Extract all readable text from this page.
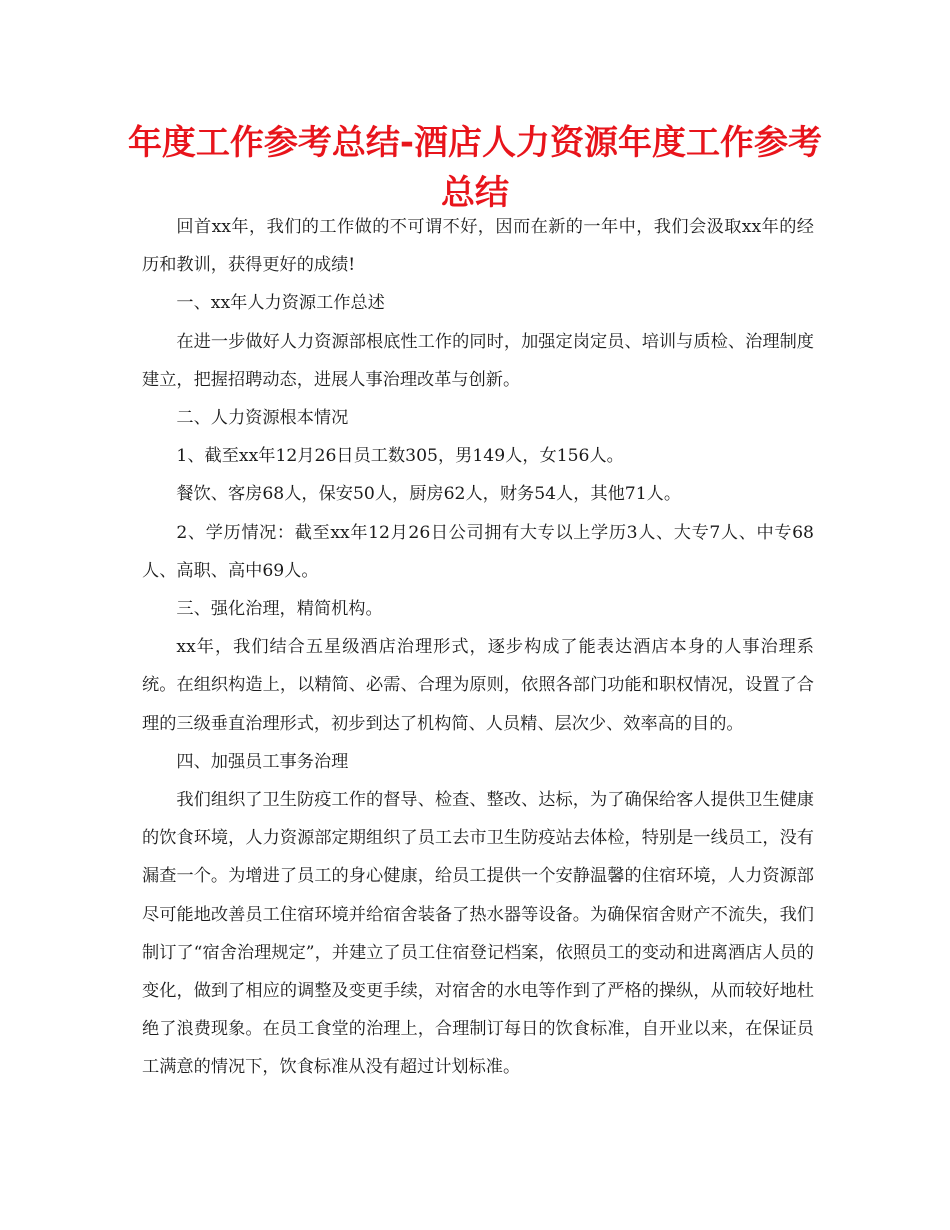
年度工作参考总结-酒店人力资源年度工作参考总结

回首xx年，我们的工作做的不可谓不好，因而在新的一年中，我们会汲取xx年的经历和教训，获得更好的成绩!

一、xx年人力资源工作总述

在进一步做好人力资源部根底性工作的同时，加强定岗定员、培训与质检、治理制度建立，把握招聘动态，进展人事治理改革与创新。

二、人力资源根本情况

1、截至xx年12月26日员工数305，男149人，女156人。

餐饮、客房68人，保安50人，厨房62人，财务54人，其他71人。

2、学历情况：截至xx年12月26日公司拥有大专以上学历3人、大专7人、中专68人、高职、高中69人。

三、强化治理，精简机构。

xx年，我们结合五星级酒店治理形式，逐步构成了能表达酒店本身的人事治理系统。在组织构造上，以精简、必需、合理为原则，依照各部门功能和职权情况，设置了合理的三级垂直治理形式，初步到达了机构简、人员精、层次少、效率高的目的。

四、加强员工事务治理

我们组织了卫生防疫工作的督导、检查、整改、达标，为了确保给客人提供卫生健康的饮食环境，人力资源部定期组织了员工去市卫生防疫站去体检，特别是一线员工，没有漏查一个。为增进了员工的身心健康，给员工提供一个安静温馨的住宿环境，人力资源部尽可能地改善员工住宿环境并给宿舍装备了热水器等设备。为确保宿舍财产不流失，我们制订了“宿舍治理规定”，并建立了员工住宿登记档案，依照员工的变动和进离酒店人员的变化，做到了相应的调整及变更手续，对宿舍的水电等作到了严格的操纵，从而较好地杜绝了浪费现象。在员工食堂的治理上，合理制订每日的饮食标准，自开业以来，在保证员工满意的情况下，饮食标准从没有超过计划标准。
